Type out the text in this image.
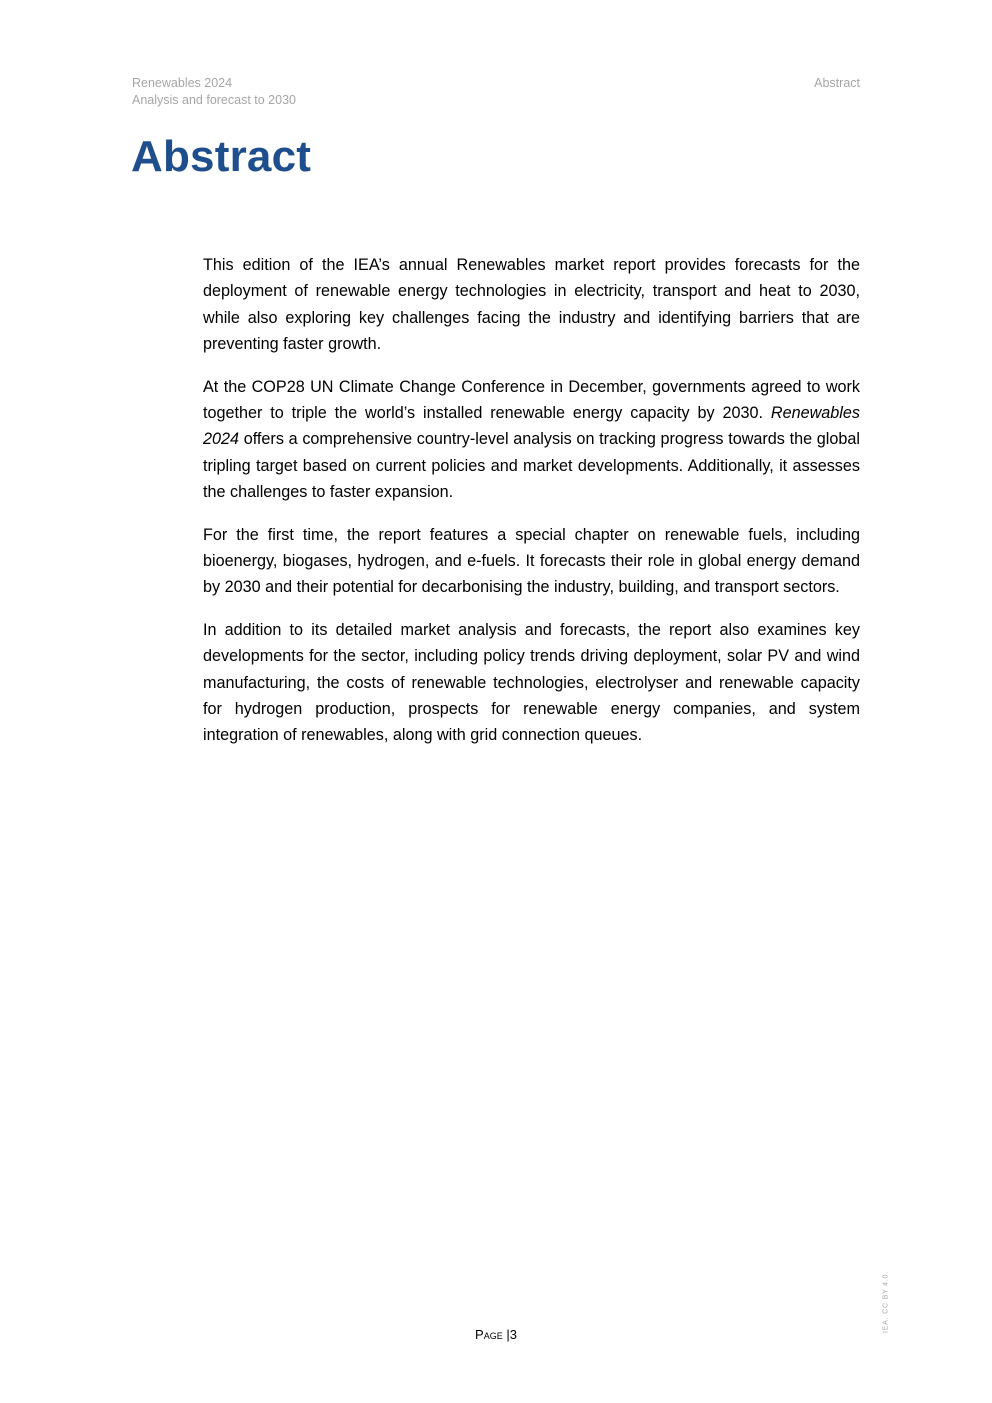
Renewables 2024
Analysis and forecast to 2030
Abstract
Abstract

This edition of the IEA’s annual Renewables market report provides forecasts for the deployment of renewable energy technologies in electricity, transport and heat to 2030, while also exploring key challenges facing the industry and identifying barriers that are preventing faster growth.

At the COP28 UN Climate Change Conference in December, governments agreed to work together to triple the world’s installed renewable energy capacity by 2030. Renewables 2024 offers a comprehensive country-level analysis on tracking progress towards the global tripling target based on current policies and market developments. Additionally, it assesses the challenges to faster expansion.

For the first time, the report features a special chapter on renewable fuels, including bioenergy, biogases, hydrogen, and e-fuels. It forecasts their role in global energy demand by 2030 and their potential for decarbonising the industry, building, and transport sectors.

In addition to its detailed market analysis and forecasts, the report also examines key developments for the sector, including policy trends driving deployment, solar PV and wind manufacturing, the costs of renewable technologies, electrolyser and renewable capacity for hydrogen production, prospects for renewable energy companies, and system integration of renewables, along with grid connection queues.

IEA. CC BY 4.0.
Page |3
